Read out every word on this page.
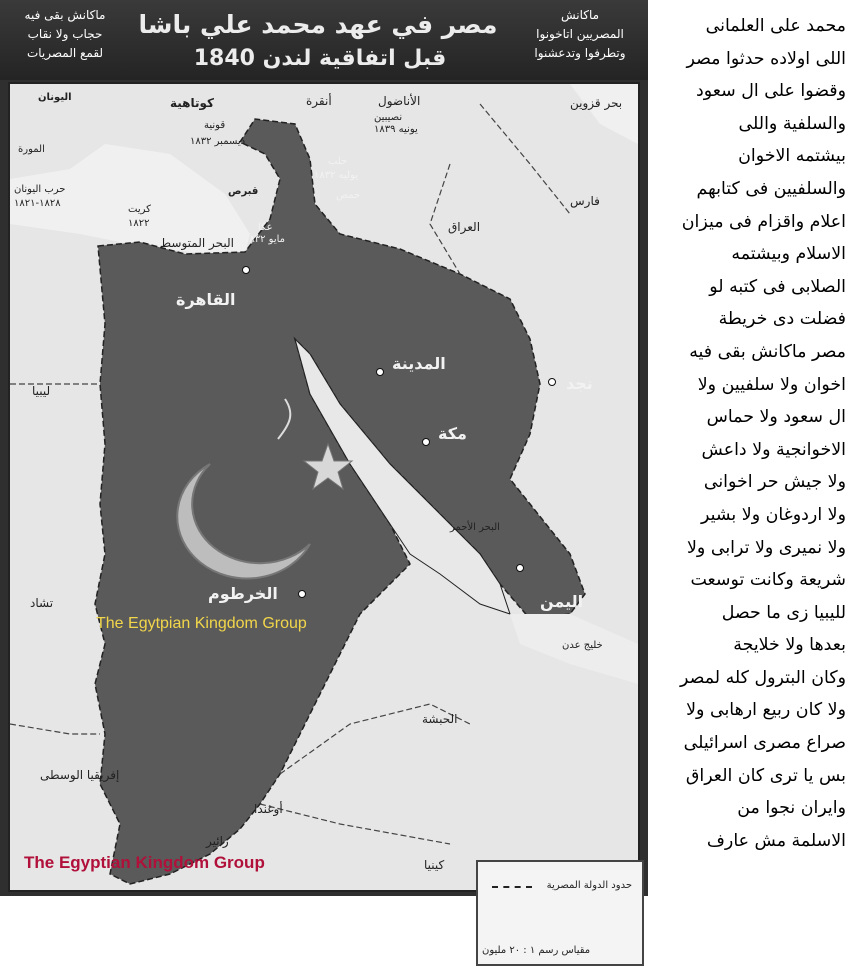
ماكانش بقى فيه
حجاب ولا نقاب
لقمع المصريات
مصر في عهد محمد علي باشا
قبل اتفاقية لندن 1840
ماكانش
المصريين اتاخونوا
وتطرفوا وتدعشنوا
اليونان
المورة
حرب اليونان
١٨٢٨-١٨٢١
كريت
١٨٢٢
كوتاهية
قونية
ديسمبر ١٨٣٢
أنقرة	الأناضول
نصيبين
يونيه ١٨٣٩
حلب
يوليه ١٨٣٢
حمص
قبرص
عكا
مايو ١٨٣٢
البحر المتوسط
بحر قزوين
فارس
العراق
القاهرة
ليبيا
المدينة
مكة
نجد
البحر الأحمر
اليمن
خليج عدن
الخرطوم
تشاد
الحبشة
إفريقيا الوسطى
أوغندا
زائير
كينيا
حدود الدولة المصرية
مقياس رسم ١ : ٢٠ مليون
The Egytpian Kingdom Group
The Egyptian Kingdom Group
محمد على العلمانى
اللى اولاده حدثوا مصر
وقضوا على ال سعود
والسلفية واللى
بيشتمه الاخوان
والسلفيين فى كتابهم
اعلام واقزام فى ميزان
الاسلام وبيشتمه
الصلابى فى كتبه لو
فضلت دى خريطة
مصر ماكانش بقى فيه
اخوان ولا سلفيين ولا
ال سعود ولا حماس
الاخوانجية ولا داعش
ولا جيش حر اخوانى
ولا اردوغان ولا بشير
ولا نميرى ولا ترابى ولا
شريعة وكانت توسعت
لليبيا زى ما حصل
بعدها ولا خلايجة
وكان البترول كله لمصر
ولا كان ربيع ارهابى ولا
صراع مصرى اسرائيلى
بس يا ترى كان العراق
وايران نجوا من
الاسلمة مش عارف
